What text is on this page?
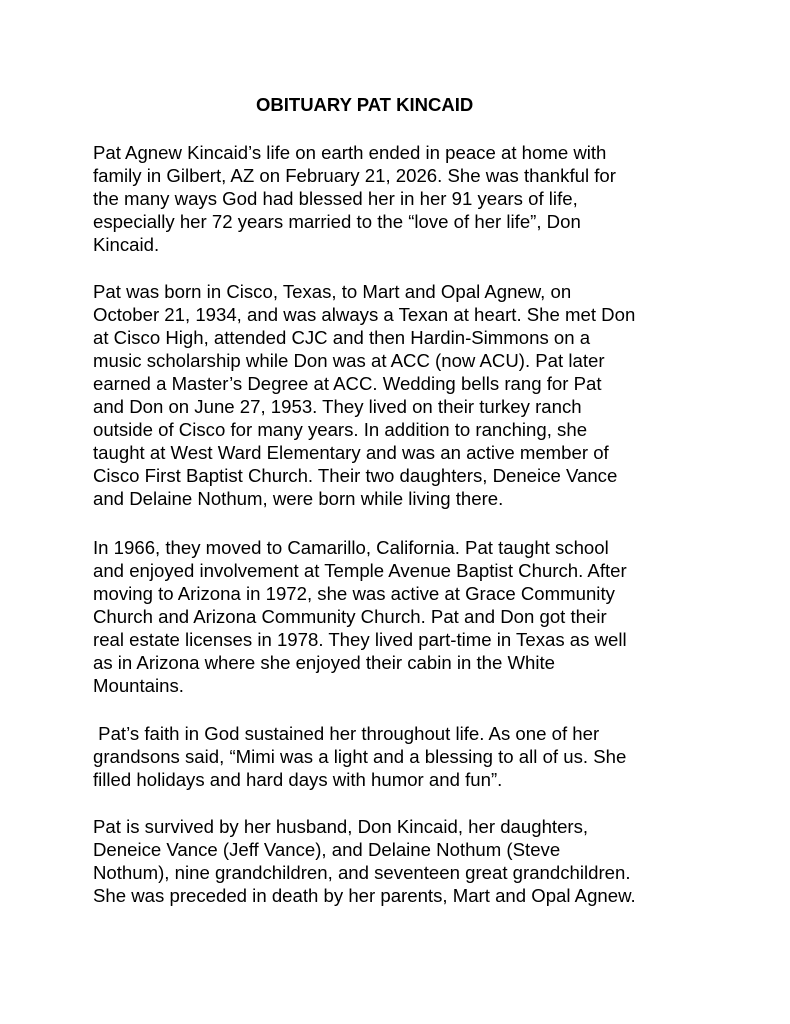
OBITUARY PAT KINCAID
Pat Agnew Kincaid’s life on earth ended in peace at home with
family in Gilbert, AZ on February 21, 2026. She was thankful for
the many ways God had blessed her in her 91 years of life,
especially her 72 years married to the “love of her life”, Don
Kincaid.
Pat was born in Cisco, Texas, to Mart and Opal Agnew, on
October 21, 1934, and was always a Texan at heart. She met Don
at Cisco High, attended CJC and then Hardin-Simmons on a
music scholarship while Don was at ACC (now ACU). Pat later
earned a Master’s Degree at ACC. Wedding bells rang for Pat
and Don on June 27, 1953. They lived on their turkey ranch
outside of Cisco for many years. In addition to ranching, she
taught at West Ward Elementary and was an active member of
Cisco First Baptist Church. Their two daughters, Deneice Vance
and Delaine Nothum, were born while living there.
In 1966, they moved to Camarillo, California. Pat taught school
and enjoyed involvement at Temple Avenue Baptist Church. After
moving to Arizona in 1972, she was active at Grace Community
Church and Arizona Community Church. Pat and Don got their
real estate licenses in 1978. They lived part-time in Texas as well
as in Arizona where she enjoyed their cabin in the White
Mountains.
Pat’s faith in God sustained her throughout life. As one of her
grandsons said, “Mimi was a light and a blessing to all of us. She
filled holidays and hard days with humor and fun”.
Pat is survived by her husband, Don Kincaid, her daughters,
Deneice Vance (Jeff Vance), and Delaine Nothum (Steve
Nothum), nine grandchildren, and seventeen great grandchildren.
She was preceded in death by her parents, Mart and Opal Agnew.
